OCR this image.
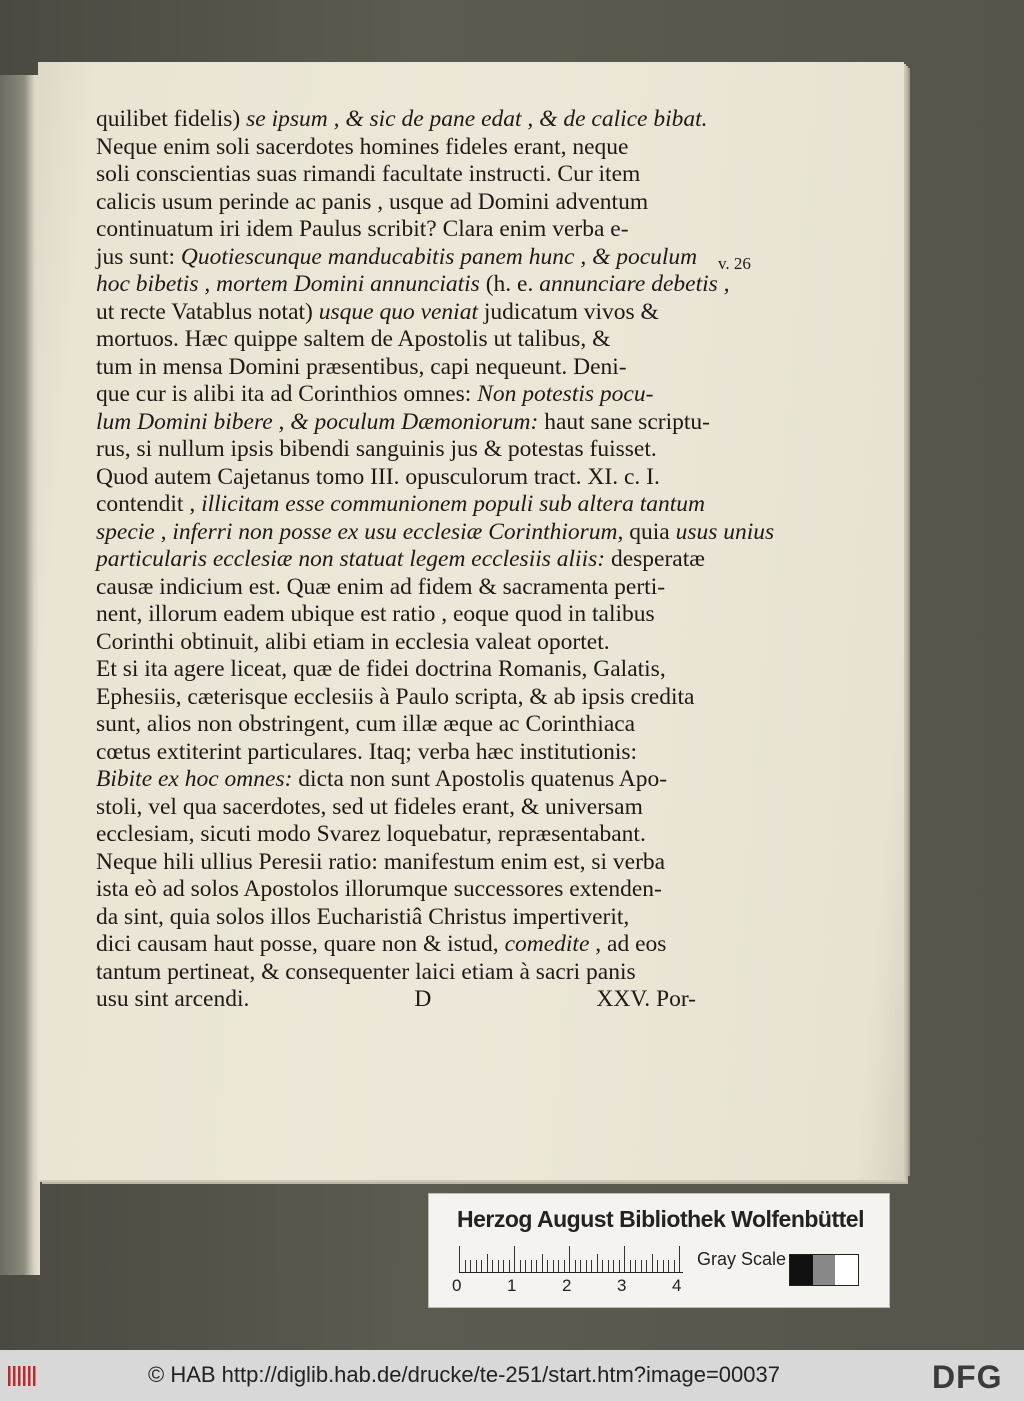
quilibet fidelis) se ipsum , & sic de pane edat , & de calice bibat.
Neque enim soli sacerdotes homines fideles erant, neque
soli conscientias suas rimandi facultate instructi. Cur item
calicis usum perinde ac panis , usque ad Domini adventum
continuatum iri idem Paulus scribit? Clara enim verba e-
jus sunt: Quotiescunque manducabitis panem hunc , & poculum
hoc bibetis , mortem Domini annunciatis (h. e. annunciare debetis ,
ut recte Vatablus notat) usque quo veniat judicatum vivos &
mortuos. Hæc quippe saltem de Apostolis ut talibus, &
tum in mensa Domini præsentibus, capi nequeunt. Deni-
que cur is alibi ita ad Corinthios omnes: Non potestis pocu-
lum Domini bibere , & poculum Dæmoniorum: haut sane scriptu-
rus, si nullum ipsis bibendi sanguinis jus & potestas fuisset.
Quod autem Cajetanus tomo III. opusculorum tract. XI. c. I.
contendit , illicitam esse communionem populi sub altera tantum
specie , inferri non posse ex usu ecclesiæ Corinthiorum, quia usus unius
particularis ecclesiæ non statuat legem ecclesiis aliis: desperatæ
causæ indicium est. Quæ enim ad fidem & sacramenta perti-
nent, illorum eadem ubique est ratio , eoque quod in talibus
Corinthi obtinuit, alibi etiam in ecclesia valeat oportet.
Et si ita agere liceat, quæ de fidei doctrina Romanis, Galatis,
Ephesiis, cæterisque ecclesiis à Paulo scripta, & ab ipsis credita
sunt, alios non obstringent, cum illæ æque ac Corinthiaca
cœtus extiterint particulares. Itaq; verba hæc institutionis:
Bibite ex hoc omnes: dicta non sunt Apostolis quatenus Apo-
stoli, vel qua sacerdotes, sed ut fideles erant, & universam
ecclesiam, sicuti modo Svarez loquebatur, repræsentabant.
Neque hili ullius Peresii ratio: manifestum enim est, si verba
ista eò ad solos Apostolos illorumque successores extenden-
da sint, quia solos illos Eucharistiâ Christus impertiverit,
dici causam haut posse, quare non & istud, comedite , ad eos
tantum pertineat, & consequenter laici etiam à sacri panis
usu sint arcendi.	D	XXV. Por-
v. 26
Herzog August Bibliothek Wolfenbüttel
0	1	2	3	4
Gray Scale
© HAB http://diglib.hab.de/drucke/te-251/start.htm?image=00037	DFG
